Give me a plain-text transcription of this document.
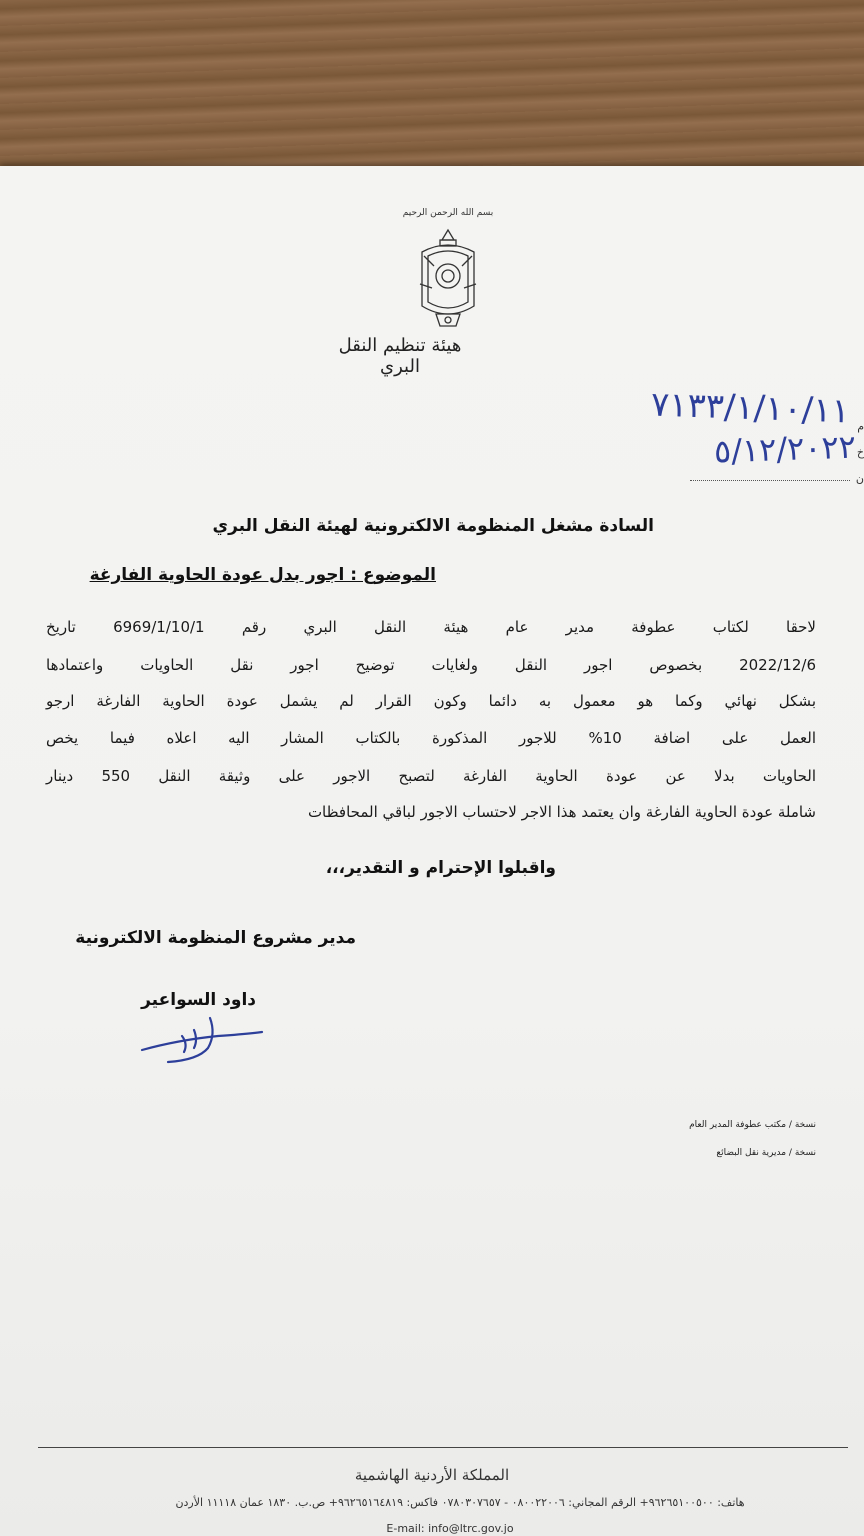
بسم الله الرحمن الرحيم
هيئة تنظيم النقل البري
٧١٣٣/١/١٠/١١
٥/١٢/٢٠٢٢
م
خ
ن
السادة مشغل المنظومة الالكترونية لهيئة النقل البري
الموضوع : اجور بدل عودة الحاوية الفارغة
لاحقا لكتاب عطوفة مدير عام هيئة النقل البري رقم 6969/1/10/1 تاريخ
2022/12/6 بخصوص اجور النقل ولغايات توضيح اجور نقل الحاويات واعتمادها
بشكل نهائي وكما هو معمول به دائما وكون القرار لم يشمل عودة الحاوية الفارغة ارجو
العمل على اضافة 10% للاجور المذكورة بالكتاب المشار اليه اعلاه فيما يخص
الحاويات بدلا عن عودة الحاوية الفارغة لتصبح الاجور على وثيقة النقل 550 دينار
شاملة عودة الحاوية الفارغة وان يعتمد هذا الاجر لاحتساب الاجور لباقي المحافظات
واقبلوا الإحترام و التقدير،،،
مدير مشروع المنظومة الالكترونية
داود السواعير
نسخة / مكتب عطوفة المدير العام
نسخة / مديرية نقل البضائع
المملكة الأردنية الهاشمية
هاتف: ٩٦٢٦٥١٠٠٥٠٠+ الرقم المجاني: ٠٨٠٠٢٢٠٠٦ - ٠٧٨٠٣٠٧٦٥٧ فاكس: ٩٦٢٦٥١٦٤٨١٩+ ص.ب. ١٨٣٠ عمان ١١١١٨ الأردن
E-mail: info@ltrc.gov.jo
